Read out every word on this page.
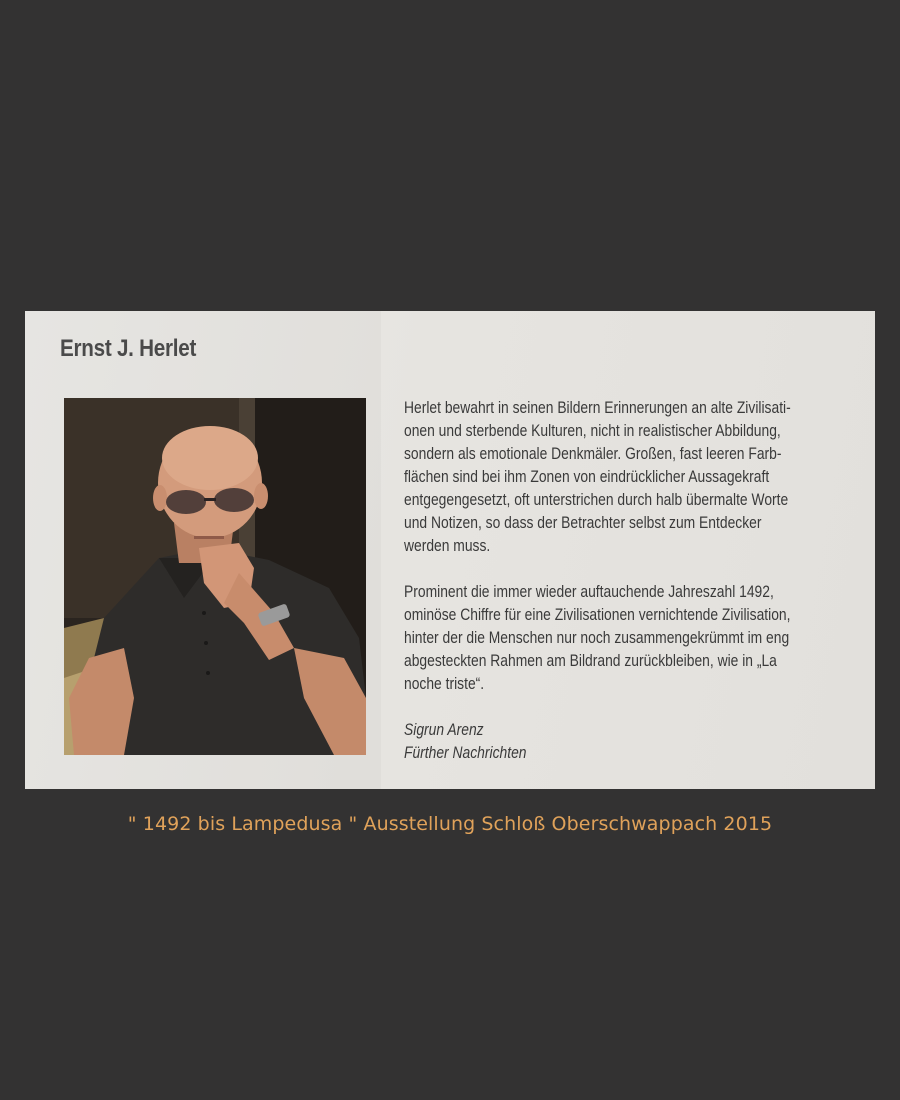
Ernst J. Herlet
Herlet bewahrt in seinen Bildern Erinnerungen an alte Zivilisati-
onen und sterbende Kulturen, nicht in realistischer Abbildung,
sondern als emotionale Denkmäler. Großen, fast leeren Farb-
flächen sind bei ihm Zonen von eindrücklicher Aussagekraft
entgegengesetzt, oft unterstrichen durch halb übermalte Worte
und Notizen, so dass der Betrachter selbst zum Entdecker
werden muss.
Prominent die immer wieder auftauchende Jahreszahl 1492,
ominöse Chiffre für eine Zivilisationen vernichtende Zivilisation,
hinter der die Menschen nur noch zusammengekrümmt im eng
abgesteckten Rahmen am Bildrand zurückbleiben, wie in „La
noche triste“.
Sigrun Arenz
Fürther Nachrichten
" 1492 bis Lampedusa " Ausstellung Schloß Oberschwappach 2015
